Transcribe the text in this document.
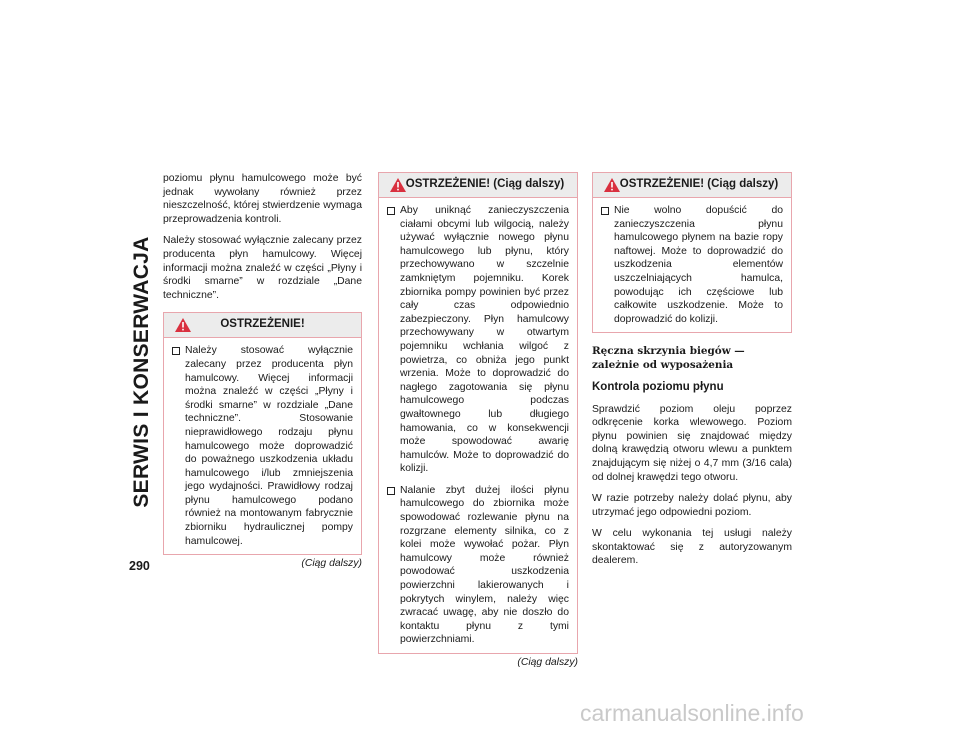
SERWIS I KONSERWACJA
290

poziomu płynu hamulcowego może być jednak wywołany również przez nieszczelność, której stwierdzenie wymaga przeprowadzenia kontroli.

Należy stosować wyłącznie zalecany przez producenta płyn hamulcowy. Więcej informacji można znaleźć w części „Płyny i środki smarne” w rozdziale „Dane techniczne”.

OSTRZEŻENIE!
Należy stosować wyłącznie zalecany przez producenta płyn hamulcowy. Więcej informacji można znaleźć w części „Płyny i środki smarne” w rozdziale „Dane techniczne”. Stosowanie nieprawidłowego rodzaju płynu hamulcowego może doprowadzić do poważnego uszkodzenia układu hamulcowego i/lub zmniejszenia jego wydajności. Prawidłowy rodzaj płynu hamulcowego podano również na montowanym fabrycznie zbiorniku hydraulicznej pompy hamulcowej.
(Ciąg dalszy)
OSTRZEŻENIE! (Ciąg dalszy)
Aby uniknąć zanieczyszczenia ciałami obcymi lub wilgocią, należy używać wyłącznie nowego płynu hamulcowego lub płynu, który przechowywano w szczelnie zamkniętym pojemniku. Korek zbiornika pompy powinien być przez cały czas odpowiednio zabezpieczony. Płyn hamulcowy przechowywany w otwartym pojemniku wchłania wilgoć z powietrza, co obniża jego punkt wrzenia. Może to doprowadzić do nagłego zagotowania się płynu hamulcowego podczas gwałtownego lub długiego hamowania, co w konsekwencji może spowodować awarię hamulców. Może to doprowadzić do kolizji.
Nalanie zbyt dużej ilości płynu hamulcowego do zbiornika może spowodować rozlewanie płynu na rozgrzane elementy silnika, co z kolei może wywołać pożar. Płyn hamulcowy może również powodować uszkodzenia powierzchni lakierowanych i pokrytych winylem, należy więc zwracać uwagę, aby nie doszło do kontaktu płynu z tymi powierzchniami.
(Ciąg dalszy)
OSTRZEŻENIE! (Ciąg dalszy)
Nie wolno dopuścić do zanieczyszczenia płynu hamulcowego płynem na bazie ropy naftowej. Może to doprowadzić do uszkodzenia elementów uszczelniających hamulca, powodując ich częściowe lub całkowite uszkodzenie. Może to doprowadzić do kolizji.
Ręczna skrzynia biegów — zależnie od wyposażenia
Kontrola poziomu płynu

Sprawdzić poziom oleju poprzez odkręcenie korka wlewowego. Poziom płynu powinien się znajdować między dolną krawędzią otworu wlewu a punktem znajdującym się niżej o 4,7 mm (3/16 cala) od dolnej krawędzi tego otworu.

W razie potrzeby należy dolać płynu, aby utrzymać jego odpowiedni poziom.

W celu wykonania tej usługi należy skontaktować się z autoryzowanym dealerem.

carmanualsonline.info
